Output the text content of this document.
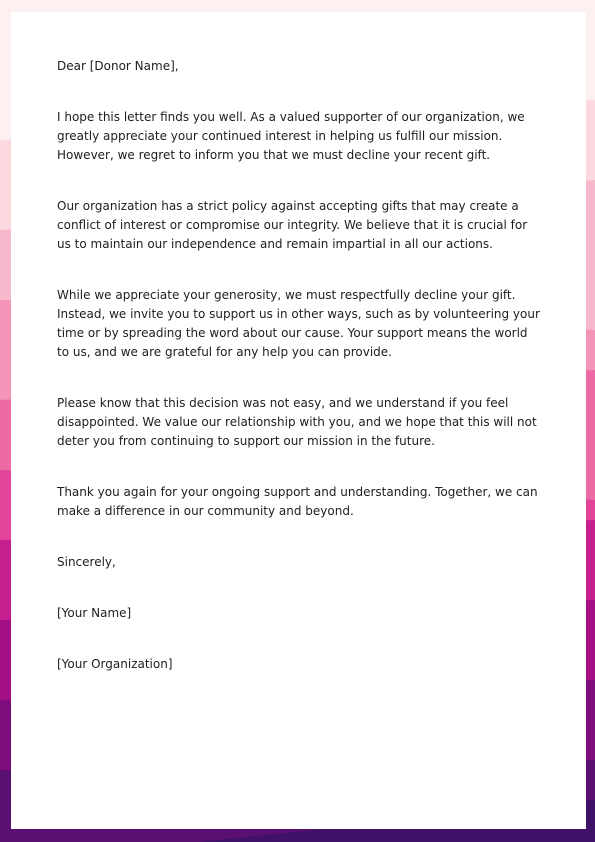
Dear [Donor Name],

I hope this letter finds you well. As a valued supporter of our organization, we greatly appreciate your continued interest in helping us fulfill our mission. However, we regret to inform you that we must decline your recent gift.

Our organization has a strict policy against accepting gifts that may create a conflict of interest or compromise our integrity. We believe that it is crucial for us to maintain our independence and remain impartial in all our actions.

While we appreciate your generosity, we must respectfully decline your gift. Instead, we invite you to support us in other ways, such as by volunteering your time or by spreading the word about our cause. Your support means the world to us, and we are grateful for any help you can provide.

Please know that this decision was not easy, and we understand if you feel disappointed. We value our relationship with you, and we hope that this will not deter you from continuing to support our mission in the future.

Thank you again for your ongoing support and understanding. Together, we can make a difference in our community and beyond.

Sincerely,

[Your Name]

[Your Organization]
